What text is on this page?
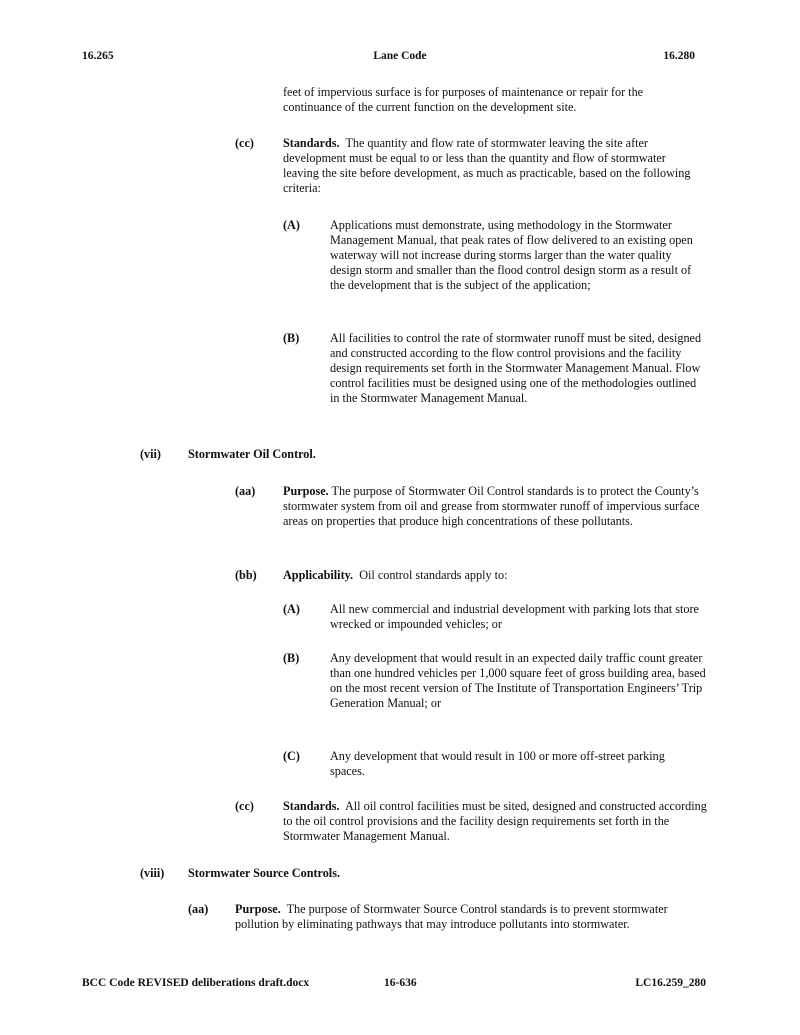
16.265	Lane Code	16.280
feet of impervious surface is for purposes of maintenance or repair for the continuance of the current function on the development site.
(cc) Standards. The quantity and flow rate of stormwater leaving the site after development must be equal to or less than the quantity and flow of stormwater leaving the site before development, as much as practicable, based on the following criteria:
(A) Applications must demonstrate, using methodology in the Stormwater Management Manual, that peak rates of flow delivered to an existing open waterway will not increase during storms larger than the water quality design storm and smaller than the flood control design storm as a result of the development that is the subject of the application;
(B)	All facilities to control the rate of stormwater runoff must be sited, designed and constructed according to the flow control provisions and the facility design requirements set forth in the Stormwater Management Manual. Flow control facilities must be designed using one of the methodologies outlined in the Stormwater Management Manual.
(vii) Stormwater Oil Control.
(aa) Purpose. The purpose of Stormwater Oil Control standards is to protect the County’s stormwater system from oil and grease from stormwater runoff of impervious surface areas on properties that produce high concentrations of these pollutants.
(bb) Applicability. Oil control standards apply to:
(A) All new commercial and industrial development with parking lots that store wrecked or impounded vehicles; or
(B)	Any development that would result in an expected daily traffic count greater than one hundred vehicles per 1,000 square feet of gross building area, based on the most recent version of The Institute of Transportation Engineers’ Trip Generation Manual; or
(C) Any development that would result in 100 or more off-street parking spaces.
(cc) Standards. All oil control facilities must be sited, designed and constructed according to the oil control provisions and the facility design requirements set forth in the Stormwater Management Manual.
(viii) Stormwater Source Controls.
(aa) Purpose. The purpose of Stormwater Source Control standards is to prevent stormwater pollution by eliminating pathways that may introduce pollutants into stormwater.
BCC Code REVISED deliberations draft.docx	16-636	LC16.259_280
